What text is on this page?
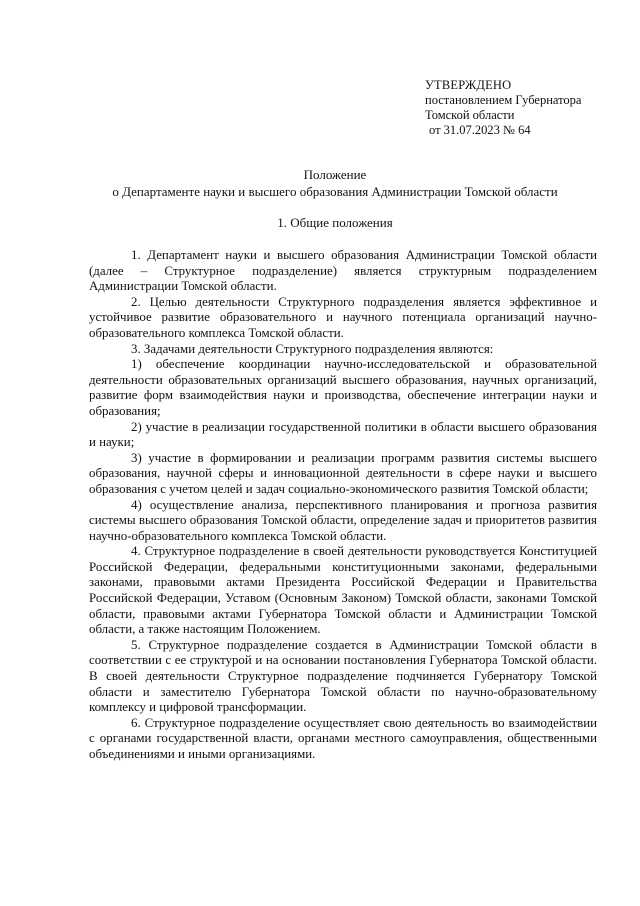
УТВЕРЖДЕНО
постановлением Губернатора
Томской области
от 31.07.2023 № 64
Положение
о Департаменте науки и высшего образования Администрации Томской области
1. Общие положения

1. Департамент науки и высшего образования Администрации Томской области (далее – Структурное подразделение) является структурным подразделением Администрации Томской области.

2. Целью деятельности Структурного подразделения является эффективное и устойчивое развитие образовательного и научного потенциала организаций научно-образовательного комплекса Томской области.

3. Задачами деятельности Структурного подразделения являются:

1) обеспечение координации научно-исследовательской и образовательной деятельности образовательных организаций высшего образования, научных организаций, развитие форм взаимодействия науки и производства, обеспечение интеграции науки и образования;

2) участие в реализации государственной политики в области высшего образования и науки;

3) участие в формировании и реализации программ развития системы высшего образования, научной сферы и инновационной деятельности в сфере науки и высшего образования с учетом целей и задач социально-экономического развития Томской области;

4) осуществление анализа, перспективного планирования и прогноза развития системы высшего образования Томской области, определение задач и приоритетов развития научно-образовательного комплекса Томской области.

4. Структурное подразделение в своей деятельности руководствуется Конституцией Российской Федерации, федеральными конституционными законами, федеральными законами, правовыми актами Президента Российской Федерации и Правительства Российской Федерации, Уставом (Основным Законом) Томской области, законами Томской области, правовыми актами Губернатора Томской области и Администрации Томской области, а также настоящим Положением.

5. Структурное подразделение создается в Администрации Томской области в соответствии с ее структурой и на основании постановления Губернатора Томской области. В своей деятельности Структурное подразделение подчиняется Губернатору Томской области и заместителю Губернатора Томской области по научно-образовательному комплексу и цифровой трансформации.

6. Структурное подразделение осуществляет свою деятельность во взаимодействии с органами государственной власти, органами местного самоуправления, общественными объединениями и иными организациями.
